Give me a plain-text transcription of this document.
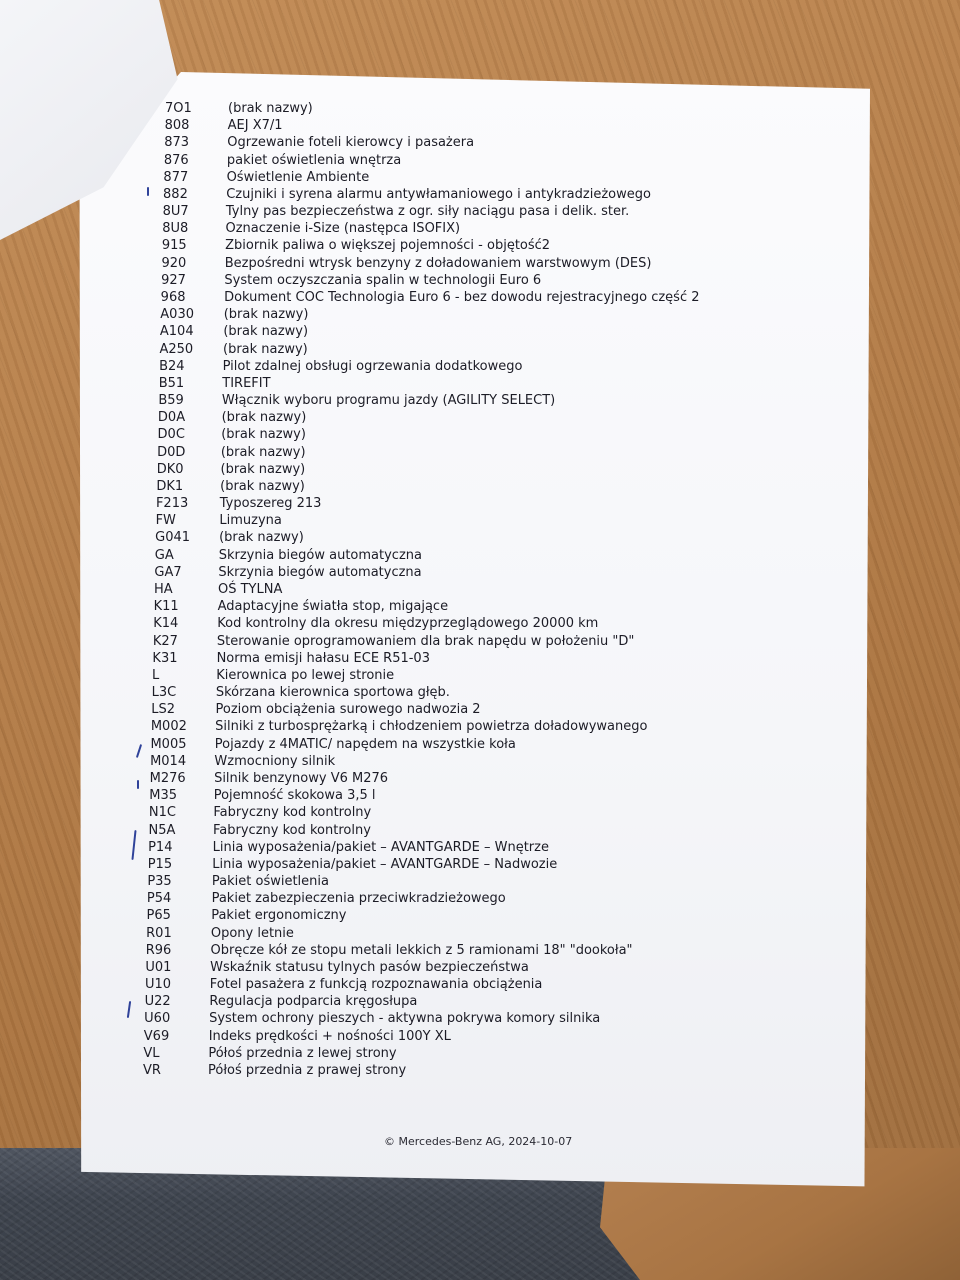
7O1	(brak nazwy)
808	AEJ X7/1
873	Ogrzewanie foteli kierowcy i pasażera
876	pakiet oświetlenia wnętrza
877	Oświetlenie Ambiente
882	Czujniki i syrena alarmu antywłamaniowego i antykradzieżowego
8U7	Tylny pas bezpieczeństwa z ogr. siły naciągu pasa i delik. ster.
8U8	Oznaczenie i-Size (następca ISOFIX)
915	Zbiornik paliwa o większej pojemności - objętość2
920	Bezpośredni wtrysk benzyny z doładowaniem warstwowym (DES)
927	System oczyszczania spalin w technologii Euro 6
968	Dokument COC Technologia Euro 6 - bez dowodu rejestracyjnego część 2
A030 (brak nazwy)
A104 (brak nazwy)
A250 (brak nazwy)
B24	Pilot zdalnej obsługi ogrzewania dodatkowego
B51	TIREFIT
B59	Włącznik wyboru programu jazdy (AGILITY SELECT)
D0A	(brak nazwy)
D0C	(brak nazwy)
D0D	(brak nazwy)
DK0	(brak nazwy)
DK1	(brak nazwy)
F213 Typoszereg 213
FW	Limuzyna
G041 (brak nazwy)
GA	Skrzynia biegów automatyczna
GA7	Skrzynia biegów automatyczna
HA	OŚ TYLNA
K11	Adaptacyjne światła stop, migające
K14	Kod kontrolny dla okresu międzyprzeglądowego 20000 km
K27	Sterowanie oprogramowaniem dla brak napędu w położeniu "D"
K31	Norma emisji hałasu ECE R51-03
L	Kierownica po lewej stronie
L3C	Skórzana kierownica sportowa głęb.
LS2	Poziom obciążenia surowego nadwozia 2
M002 Silniki z turbosprężarką i chłodzeniem powietrza doładowywanego
M005 Pojazdy z 4MATIC/ napędem na wszystkie koła
M014 Wzmocniony silnik
M276 Silnik benzynowy V6 M276
M35	Pojemność skokowa 3,5 l
N1C	Fabryczny kod kontrolny
N5A	Fabryczny kod kontrolny
P14	Linia wyposażenia/pakiet – AVANTGARDE – Wnętrze
P15	Linia wyposażenia/pakiet – AVANTGARDE – Nadwozie
P35	Pakiet oświetlenia
P54	Pakiet zabezpieczenia przeciwkradzieżowego
P65	Pakiet ergonomiczny
R01	Opony letnie
R96	Obręcze kół ze stopu metali lekkich z 5 ramionami 18" "dookoła"
U01	Wskaźnik statusu tylnych pasów bezpieczeństwa
U10	Fotel pasażera z funkcją rozpoznawania obciążenia
U22	Regulacja podparcia kręgosłupa
U60	System ochrony pieszych - aktywna pokrywa komory silnika
V69	Indeks prędkości + nośności 100Y XL
VL	Półoś przednia z lewej strony
VR	Półoś przednia z prawej strony
© Mercedes-Benz AG, 2024-10-07
